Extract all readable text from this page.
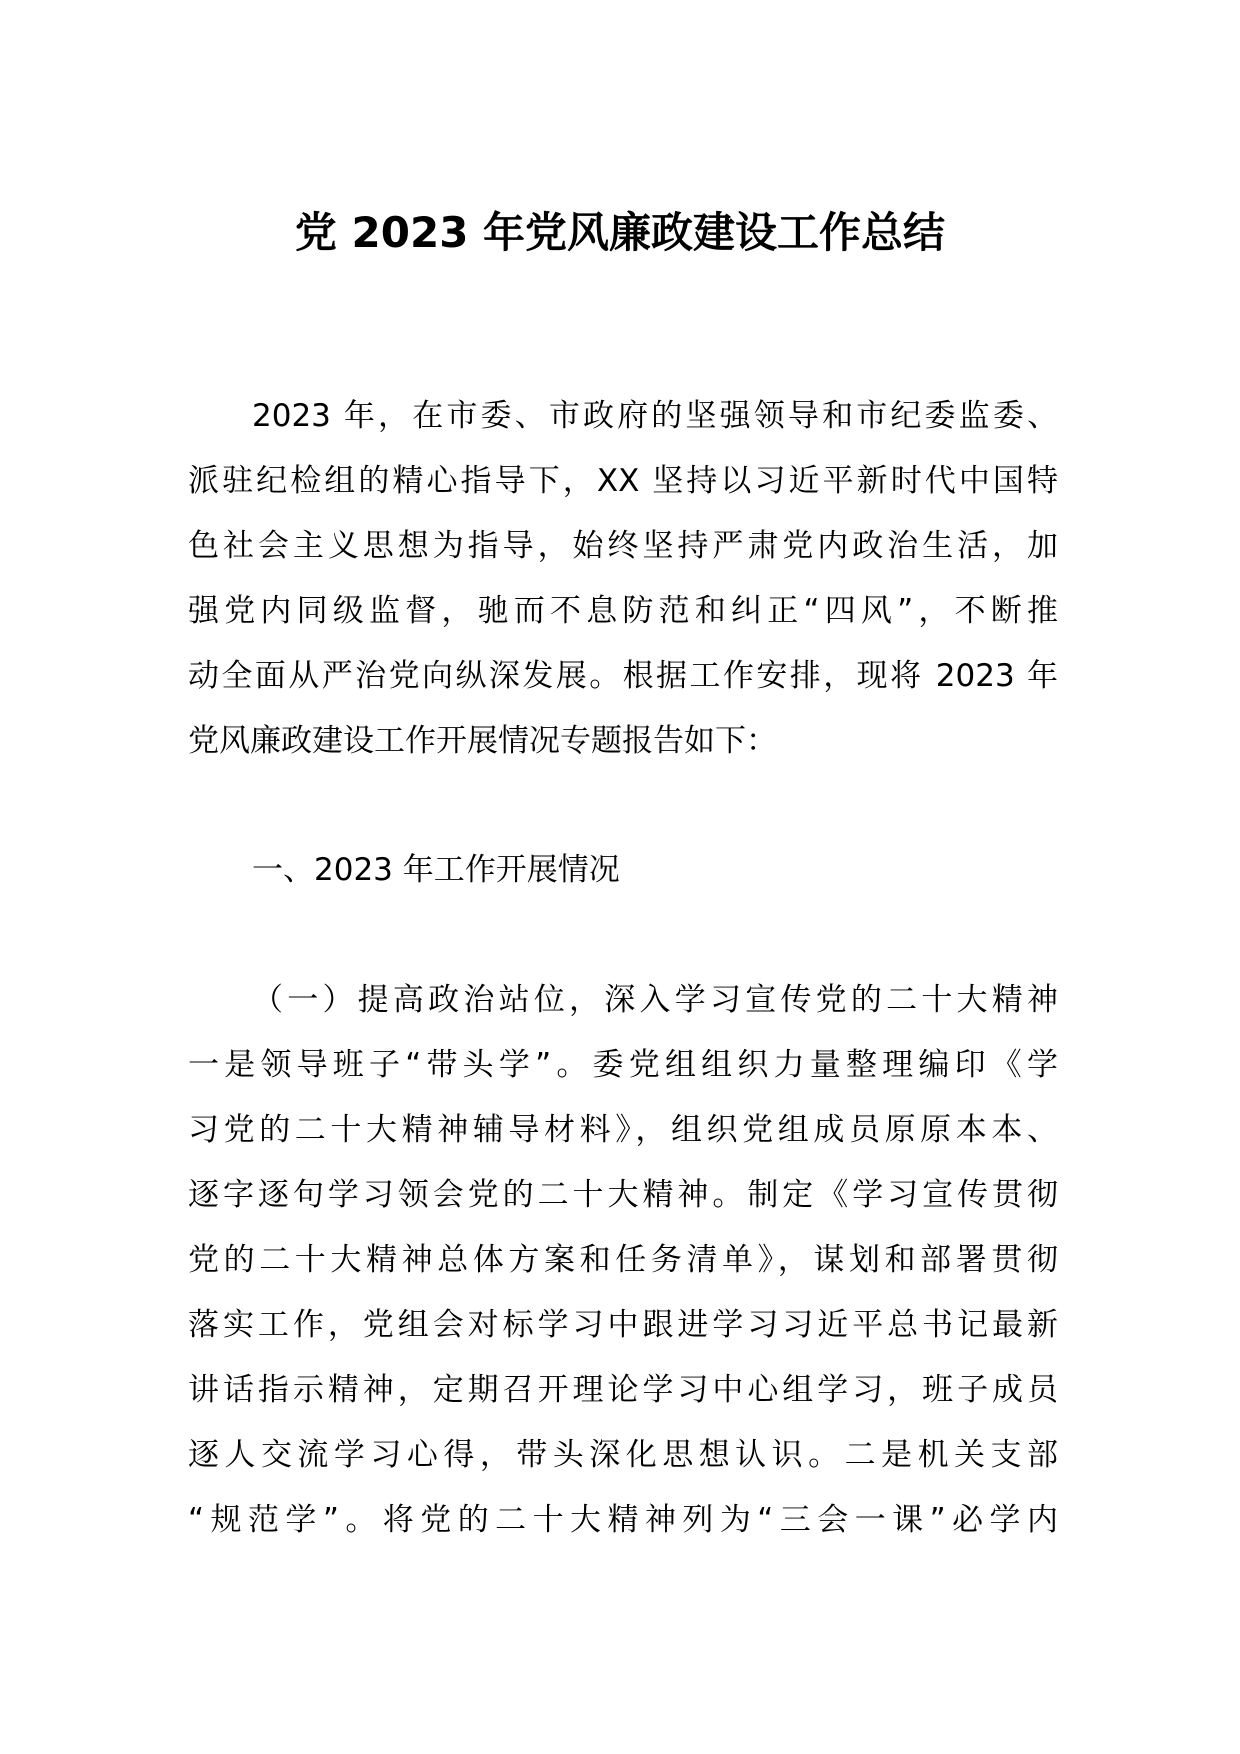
党 2023 年党风廉政建设工作总结
2023 年，在市委、市政府的坚强领导和市纪委监委、
派驻纪检组的精心指导下，XX 坚持以习近平新时代中国特
色社会主义思想为指导，始终坚持严肃党内政治生活，加
强党内同级监督，驰而不息防范和纠正“四风”，不断推
动全面从严治党向纵深发展。根据工作安排，现将 2023 年
党风廉政建设工作开展情况专题报告如下：
一、2023 年工作开展情况
（一）提高政治站位，深入学习宣传党的二十大精神
一是领导班子“带头学”。委党组组织力量整理编印《学
习党的二十大精神辅导材料》，组织党组成员原原本本、
逐字逐句学习领会党的二十大精神。制定《学习宣传贯彻
党的二十大精神总体方案和任务清单》，谋划和部署贯彻
落实工作，党组会对标学习中跟进学习习近平总书记最新
讲话指示精神，定期召开理论学习中心组学习，班子成员
逐人交流学习心得，带头深化思想认识。二是机关支部
“规范学”。将党的二十大精神列为“三会一课”必学内
